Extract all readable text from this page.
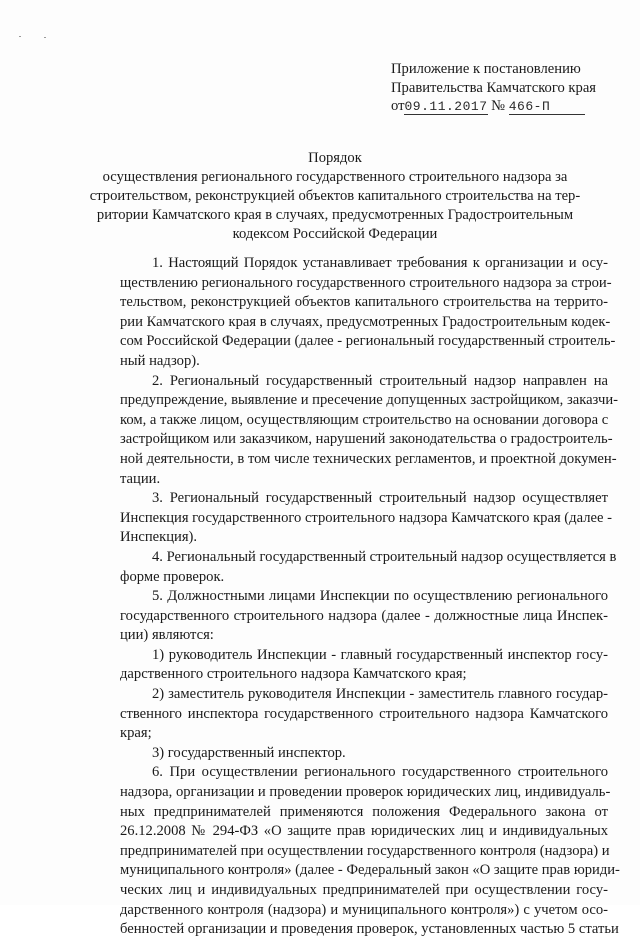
Приложение к постановлению
Правительства Камчатского края
от09.11.2017 № 466-П
Порядок
осуществления регионального государственного строительного надзора за
строительством, реконструкцией объектов капитального строительства на тер-
ритории Камчатского края в случаях, предусмотренных Градостроительным
кодексом Российской Федерации
1. Настоящий Порядок устанавливает требования к организации и осу-
ществлению регионального государственного строительного надзора за строи-
тельством, реконструкцией объектов капитального строительства на террито-
рии Камчатского края в случаях, предусмотренных Градостроительным кодек-
сом Российской Федерации (далее - региональный государственный строитель-
ный надзор).
2. Региональный государственный строительный надзор направлен на
предупреждение, выявление и пресечение допущенных застройщиком, заказчи-
ком, а также лицом, осуществляющим строительство на основании договора с
застройщиком или заказчиком, нарушений законодательства о градостроитель-
ной деятельности, в том числе технических регламентов, и проектной докумен-
тации.
3. Региональный государственный строительный надзор осуществляет
Инспекция государственного строительного надзора Камчатского края (далее -
Инспекция).
4. Региональный государственный строительный надзор осуществляется в
форме проверок.
5. Должностными лицами Инспекции по осуществлению регионального
государственного строительного надзора (далее - должностные лица Инспек-
ции) являются:
1) руководитель Инспекции - главный государственный инспектор госу-
дарственного строительного надзора Камчатского края;
2) заместитель руководителя Инспекции - заместитель главного государ-
ственного инспектора государственного строительного надзора Камчатского
края;
3) государственный инспектор.
6. При осуществлении регионального государственного строительного
надзора, организации и проведении проверок юридических лиц, индивидуаль-
ных предпринимателей применяются положения Федерального закона от
26.12.2008 № 294-ФЗ «О защите прав юридических лиц и индивидуальных
предпринимателей при осуществлении государственного контроля (надзора) и
муниципального контроля» (далее - Федеральный закон «О защите прав юриди-
ческих лиц и индивидуальных предпринимателей при осуществлении госу-
дарственного контроля (надзора) и муниципального контроля») с учетом осо-
бенностей организации и проведения проверок, установленных частью 5 статьи
